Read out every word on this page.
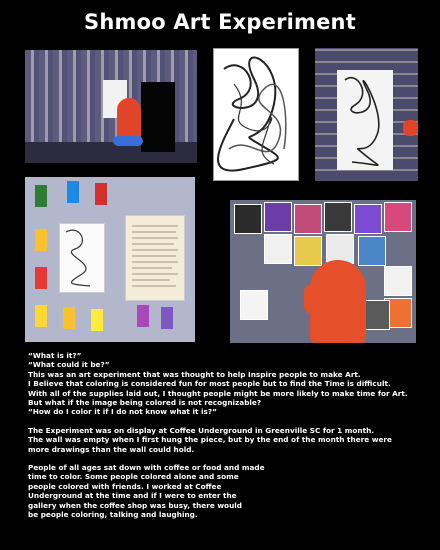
Shmoo Art Experiment

“What is it?”
“What could it be?”
This was an art experiment that was thought to help Inspire people to make Art.
I Believe that coloring is considered fun for most people but to find the Time is difficult.
With all of the supplies laid out, I thought people might be more likely to make time for Art.
But what if the image being colored is not recognizable?
“How do I color it if I do not know what it is?”

The Experiment was on display at Coffee Underground in Greenville SC for 1 month.
The wall was empty when I first hung the piece, but by the end of the month there were
more drawings than the wall could hold.

People of all ages sat down with coffee or food and made
time to color. Some people colored alone and some
people colored with friends. I worked at Coffee
Underground at the time and if I were to enter the
gallery when the coffee shop was busy, there would
be people coloring, talking and laughing.
